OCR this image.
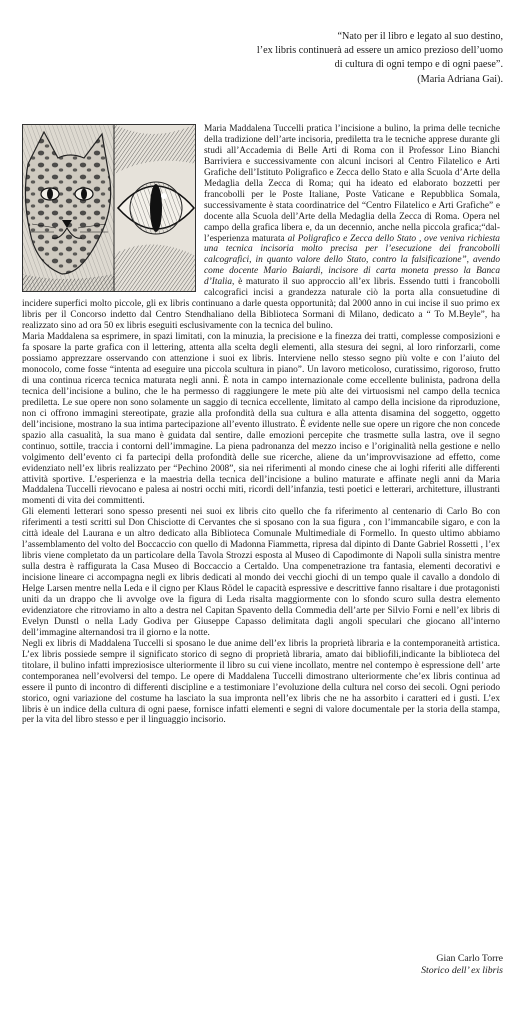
“Nato per il libro e legato al suo destino,
l’ex libris continuerà ad essere un amico prezioso dell’uomo
di cultura di ogni tempo e di ogni paese”.
(Maria Adriana Gai).

Maria Maddalena Tuccelli pratica l’incisione a bulino, la prima delle tecniche della tradizione dell’arte incisoria, prediletta tra le tecniche apprese durante gli studi all’Accademia di Belle Arti di Roma con il Professor Lino Bianchi Barriviera e successivamente con alcuni incisori al Centro Filatelico e Arti Grafiche dell’Istituto Poligrafico e Zecca dello Stato e alla Scuola d’Arte della Medaglia della Zecca di Roma; qui ha ideato ed elaborato bozzetti per francobolli per le Poste Italiane, Poste Vaticane e Repubblica Somala, successivamente è stata coordinatrice del “Centro Filatelico e Arti Grafiche” e docente alla Scuola dell’Arte della Medaglia della Zecca di Roma. Opera nel campo della grafica libera e, da un decennio, anche nella piccola grafica;“dal-l’esperienza maturata al Poligrafico e Zecca dello Stato , ove veniva richiesta una tecnica incisoria molto precisa per l’esecuzione dei francobolli calcografici, in quanto valore dello Stato, contro la falsificazione”, avendo come docente Mario Baiardi, incisore di carta moneta presso la Banca d’Italia, è maturato il suo approccio all’ex libris. Essendo tutti i francobolli calcografici incisi a grandezza naturale ciò la porta alla consuetudine di incidere superfici molto piccole, gli ex libris continuano a darle questa opportunità; dal 2000 anno in cui incise il suo primo ex libris per il Concorso indetto dal Centro Stendhaliano della Biblioteca Sormani di Milano, dedicato a “ To M.Beyle”, ha realizzato sino ad ora 50 ex libris eseguiti esclusivamente con la tecnica del bulino.

Maria Maddalena sa esprimere, in spazi limitati, con la minuzia, la precisione e la finezza dei tratti, complesse composizioni e fa sposare la parte grafica con il lettering, attenta alla scelta degli elementi, alla stesura dei segni, al loro rinforzarli, come possiamo apprezzare osservando con attenzione i suoi ex libris. Interviene nello stesso segno più volte e con l’aiuto del monocolo, come fosse “intenta ad eseguire una piccola scultura in piano”. Un lavoro meticoloso, curatissimo, rigoroso, frutto di una continua ricerca tecnica maturata negli anni. È nota in campo internazionale come eccellente bulinista, padrona della tecnica dell’incisione a bulino, che le ha permesso di raggiungere le mete più alte dei virtuosismi nel campo della tecnica prediletta. Le sue opere non sono solamente un saggio di tecnica eccellente, limitato al campo della incisione da riproduzione, non ci offrono immagini stereotipate, grazie alla profondità della sua cultura e alla attenta disamina del soggetto, oggetto dell’incisione, mostrano la sua intima partecipazione all’evento illustrato. È evidente nelle sue opere un rigore che non concede spazio alla casualità, la sua mano è guidata dal sentire, dalle emozioni percepite che trasmette sulla lastra, ove il segno continuo, sottile, traccia i contorni dell’immagine. La piena padronanza del mezzo inciso e l’originalità nella gestione e nello volgimento dell’evento ci fa partecipi della profondità delle sue ricerche, aliene da un’improvvisazione ad effetto, come evidenziato nell’ex libris realizzato per “Pechino 2008”, sia nei riferimenti al mondo cinese che ai loghi riferiti alle differenti attività sportive. L’esperienza e la maestria della tecnica dell’incisione a bulino maturate e affinate negli anni da Maria Maddalena Tuccelli rievocano e palesa ai nostri occhi miti, ricordi dell’infanzia, testi poetici e letterari, architetture, illustranti momenti di vita dei committenti.

Gli elementi letterari sono spesso presenti nei suoi ex libris cito quello che fa riferimento al centenario di Carlo Bo con riferimenti a testi scritti sul Don Chisciotte di Cervantes che si sposano con la sua figura , con l’immancabile sigaro, e con la città ideale del Laurana e un altro dedicato alla Biblioteca Comunale Multimediale di Formello. In questo ultimo abbiamo l’assemblamento del volto del Boccaccio con quello di Madonna Fiammetta, ripresa dal dipinto di Dante Gabriel Rossetti , l’ex libris viene completato da un particolare della Tavola Strozzi esposta al Museo di Capodimonte di Napoli sulla sinistra mentre sulla destra è raffigurata la Casa Museo di Boccaccio a Certaldo. Una compenetrazione tra fantasia, elementi decorativi e incisione lineare ci accompagna negli ex libris dedicati al mondo dei vecchi giochi di un tempo quale il cavallo a dondolo di Helge Larsen mentre nella Leda e il cigno per Klaus Rödel le capacità espressive e descrittive fanno risaltare i due protagonisti uniti da un drappo che li avvolge ove la figura di Leda risalta maggiormente con lo sfondo scuro sulla destra elemento evidenziatore che ritroviamo in alto a destra nel Capitan Spavento della Commedia dell’arte per Silvio Forni e nell’ex libris di Evelyn Dunstl o nella Lady Godiva per Giuseppe Capasso delimitata dagli angoli speculari che giocano all’interno dell’immagine alternandosi tra il giorno e la notte.

Negli ex libris di Maddalena Tuccelli si sposano le due anime dell’ex libris la proprietà libraria e la contemporaneità artistica. L’ex libris possiede sempre il significato storico di segno di proprietà libraria, amato dai bibliofili,indicante la biblioteca del titolare, il bulino infatti impreziosisce ulteriormente il libro su cui viene incollato, mentre nel contempo è espressione dell’ arte contemporanea nell’evolversi del tempo. Le opere di Maddalena Tuccelli dimostrano ulteriormente che’ex libris continua ad essere il punto di incontro di differenti discipline e a testimoniare l’evoluzione della cultura nel corso dei secoli. Ogni periodo storico, ogni variazione del costume ha lasciato la sua impronta nell’ex libris che ne ha assorbito i caratteri ed i gusti. L’ex libris è un indice della cultura di ogni paese, fornisce infatti elementi e segni di valore documentale per la storia della stampa, per la vita del libro stesso e per il linguaggio incisorio.

Gian Carlo Torre
Storico dell’ ex libris
